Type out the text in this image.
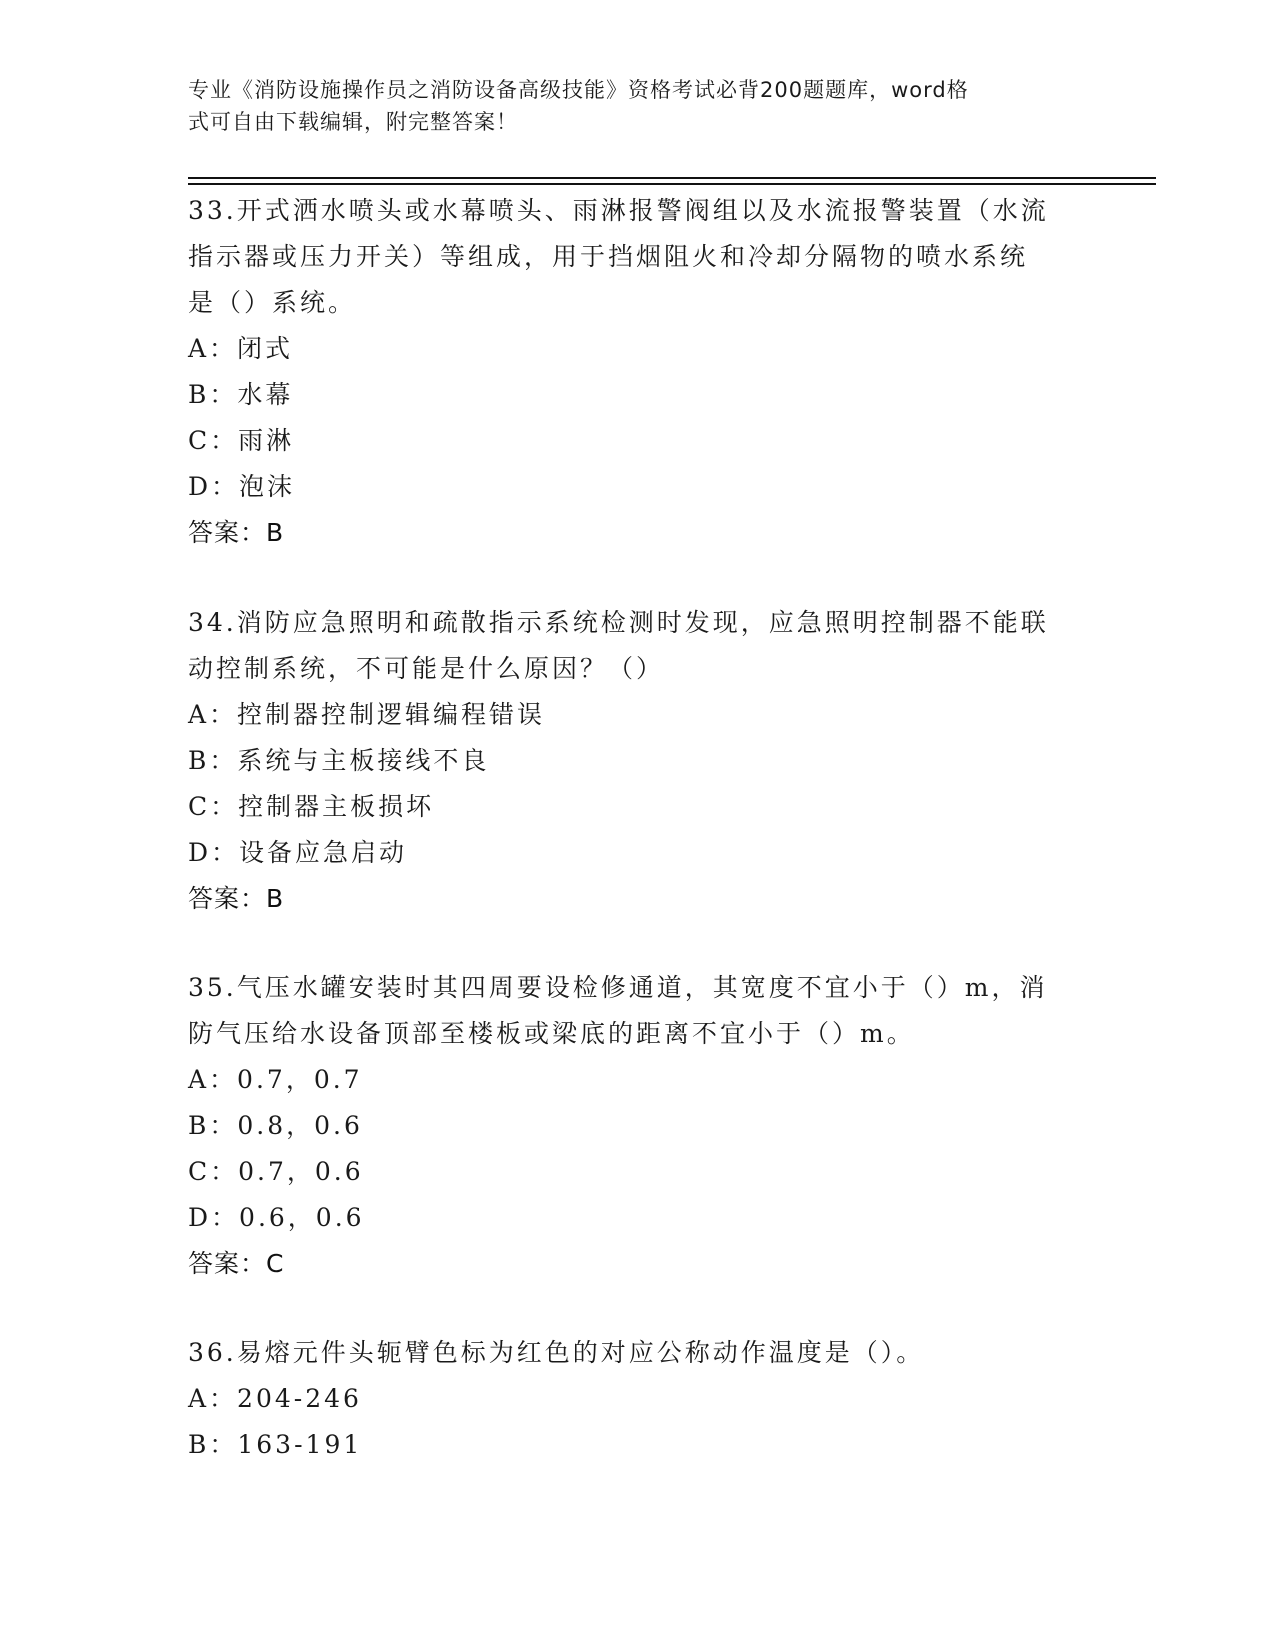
专业《消防设施操作员之消防设备高级技能》资格考试必背200题题库，word格
式可自由下载编辑，附完整答案！
33.开式洒水喷头或水幕喷头、雨淋报警阀组以及水流报警装置（水流
指示器或压力开关）等组成，用于挡烟阻火和冷却分隔物的喷水系统
是（）系统。
A：闭式
B：水幕
C：雨淋
D：泡沫
答案：B
34.消防应急照明和疏散指示系统检测时发现，应急照明控制器不能联
动控制系统，不可能是什么原因？（）
A：控制器控制逻辑编程错误
B：系统与主板接线不良
C：控制器主板损坏
D：设备应急启动
答案：B
35.气压水罐安装时其四周要设检修通道，其宽度不宜小于（）m，消
防气压给水设备顶部至楼板或梁底的距离不宜小于（）m。
A：0.7，0.7
B：0.8，0.6
C：0.7，0.6
D：0.6，0.6
答案：C
36.易熔元件头轭臂色标为红色的对应公称动作温度是（）。
A：204-246
B：163-191
